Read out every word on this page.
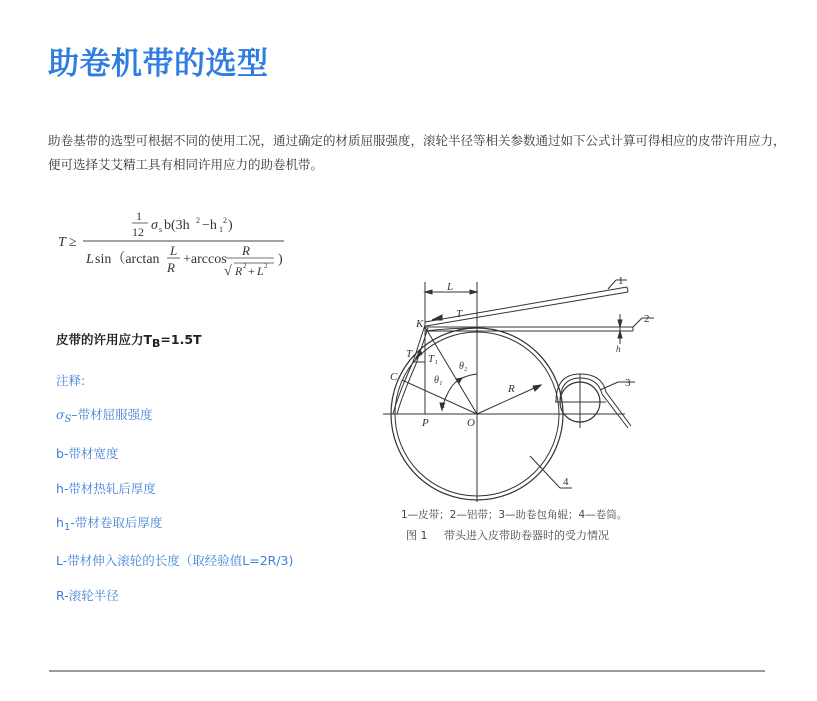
助卷机带的选型

助卷基带的选型可根据不同的使用工况，通过确定的材质屈服强度，滚轮半径等相关参数通过如下公式计算可得相应的皮带许用应力，便可选择艾艾精工具有相同许用应力的助卷机带。

T ≥
1
12 σ s b(3h 2 −h 1
2 )
L sin（arctan
L
R
+arccos
R
√ R 2 + L 2 )
皮带的许用应力$T_B=1.5T$
注释:
$\sigma_S-$带材屈服强度
b-带材宽度
h-带材热轧后厚度
$h_1-$带材卷取后厚度
L-带材伸入滚轮的长度（取经验值L=2R/3)
R-滚轮半径
L
K
T
T T₁
θ₂
θ₁
α
C
P	O
R
h
1
2
3
4
1—皮带；2—铝带；3—助卷包角辊；4—卷筒。
图 1 带头进入皮带助卷器时的受力情况
